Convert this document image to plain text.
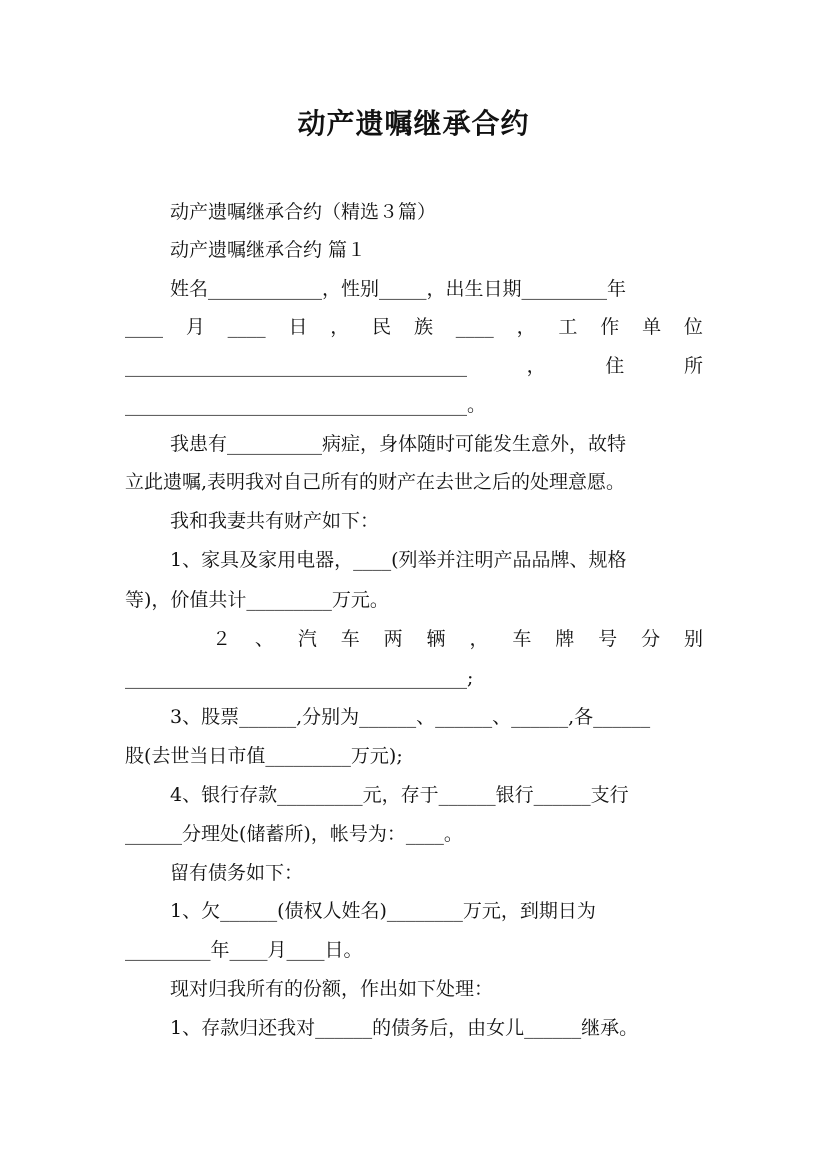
动产遗嘱继承合约
动产遗嘱继承合约（精选３篇）
动产遗嘱继承合约 篇１
姓名____________，性别_____，出生日期_________年
____ 月 ____ 日 ， 民 族 ____ ， 工 作 单 位
____________________________________	，	住	所
____________________________________。
我患有__________病症，身体随时可能发生意外，故特
立此遗嘱,表明我对自己所有的财产在去世之后的处理意愿。
我和我妻共有财产如下：
1、家具及家用电器，____(列举并注明产品品牌、规格
等)，价值共计_________万元。
２ 、 汽 车 两 辆 ， 车 牌 号 分 别
____________________________________;
3、股票______,分别为______、______、______,各______
股(去世当日市值_________万元);
4、银行存款_________元，存于______银行______支行
______分理处(储蓄所)，帐号为：____。
留有债务如下：
1、欠______(债权人姓名)________万元，到期日为
_________年____月____日。
现对归我所有的份额，作出如下处理：
1、存款归还我对______的债务后，由女儿______继承。
